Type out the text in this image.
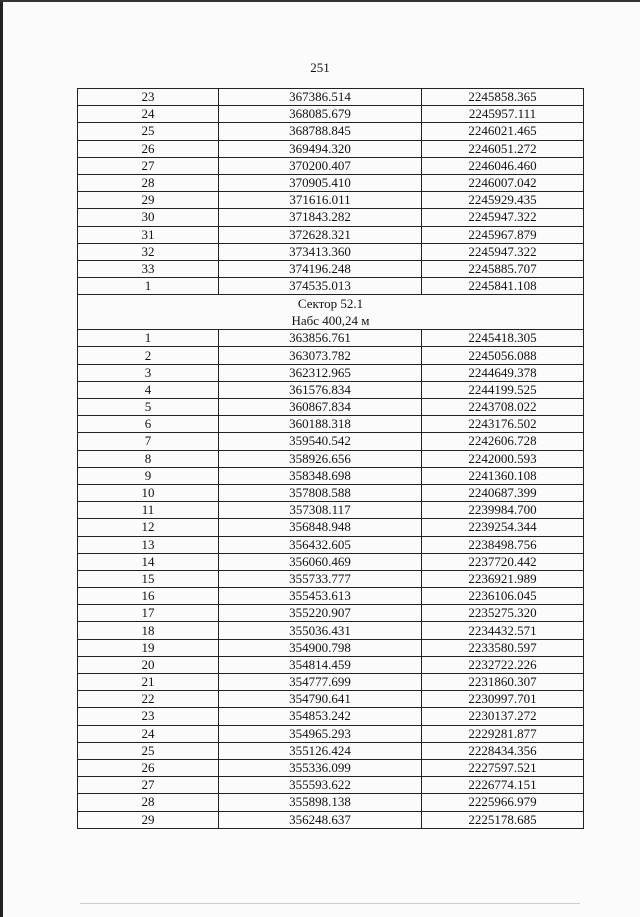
251
23	367386.514	2245858.365
24	368085.679	2245957.111
25	368788.845	2246021.465
26	369494.320	2246051.272
27	370200.407	2246046.460
28	370905.410	2246007.042
29	371616.011	2245929.435
30	371843.282	2245947.322
31	372628.321	2245967.879
32	373413.360	2245947.322
33	374196.248	2245885.707
1	374535.013	2245841.108

Сектор 52.1
Набс 400,24 м		

1	363856.761	2245418.305
2	363073.782	2245056.088
3	362312.965	2244649.378
4	361576.834	2244199.525
5	360867.834	2243708.022
6	360188.318	2243176.502
7	359540.542	2242606.728
8	358926.656	2242000.593
9	358348.698	2241360.108
10	357808.588	2240687.399
11	357308.117	2239984.700
12	356848.948	2239254.344
13	356432.605	2238498.756
14	356060.469	2237720.442
15	355733.777	2236921.989
16	355453.613	2236106.045
17	355220.907	2235275.320
18	355036.431	2234432.571
19	354900.798	2233580.597
20	354814.459	2232722.226
21	354777.699	2231860.307
22	354790.641	2230997.701
23	354853.242	2230137.272
24	354965.293	2229281.877
25	355126.424	2228434.356
26	355336.099	2227597.521
27	355593.622	2226774.151
28	355898.138	2225966.979
29	356248.637	2225178.685
